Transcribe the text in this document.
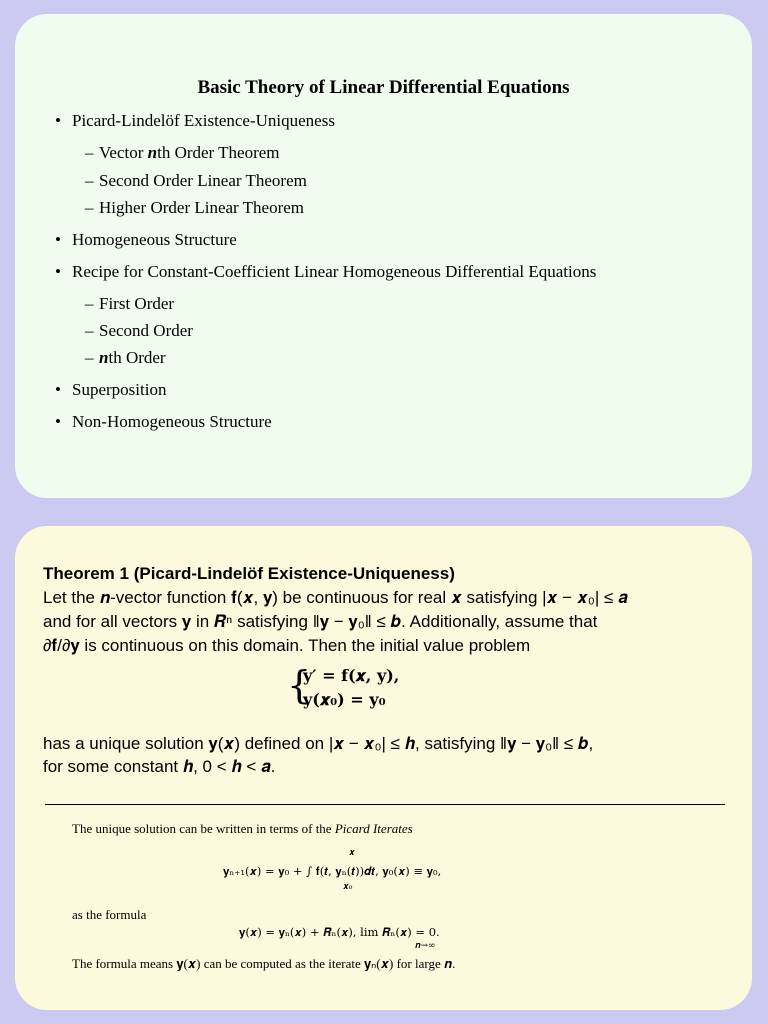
Basic Theory of Linear Differential Equations
• Picard-Lindelöf Existence-Uniqueness
– Vector nth Order Theorem
– Second Order Linear Theorem
– Higher Order Linear Theorem
• Homogeneous Structure
• Recipe for Constant-Coefficient Linear Homogeneous Differential Equations
– First Order
– Second Order
– nth Order
• Superposition
• Non-Homogeneous Structure
Theorem 1 (Picard-Lindelöf Existence-Uniqueness)
Let the 𝒏-vector function 𝐟(𝒙, 𝐲) be continuous for real 𝒙 satisfying |𝒙 − 𝒙₀| ≤ 𝒂
and for all vectors 𝐲 in 𝑹ⁿ satisfying ‖𝐲 − 𝐲₀‖ ≤ 𝒃. Additionally, assume that
∂𝐟/∂𝐲 is continuous on this domain. Then the initial value problem
has a unique solution 𝐲(𝒙) defined on |𝒙 − 𝒙₀| ≤ 𝒉, satisfying ‖𝐲 − 𝐲₀‖ ≤ 𝒃,
for some constant 𝒉, 0 < 𝒉 < 𝒂.
{
𝐲′ = 𝐟(𝒙, 𝐲),
𝐲(𝒙₀) = 𝐲₀
The unique solution can be written in terms of the Picard Iterates
𝐲ₙ₊₁(𝒙) = 𝐲₀ + ∫ 𝐟(𝒕, 𝐲ₙ(𝒕))𝒅𝒕, 𝐲₀(𝒙) ≡ 𝐲₀,
𝒙
𝒙₀
as the formula
𝐲(𝒙) = 𝐲ₙ(𝒙) + 𝑹ₙ(𝒙), lim 𝑹ₙ(𝒙) = 0.
𝒏→∞
The formula means 𝐲(𝒙) can be computed as the iterate 𝐲ₙ(𝒙) for large 𝒏.
